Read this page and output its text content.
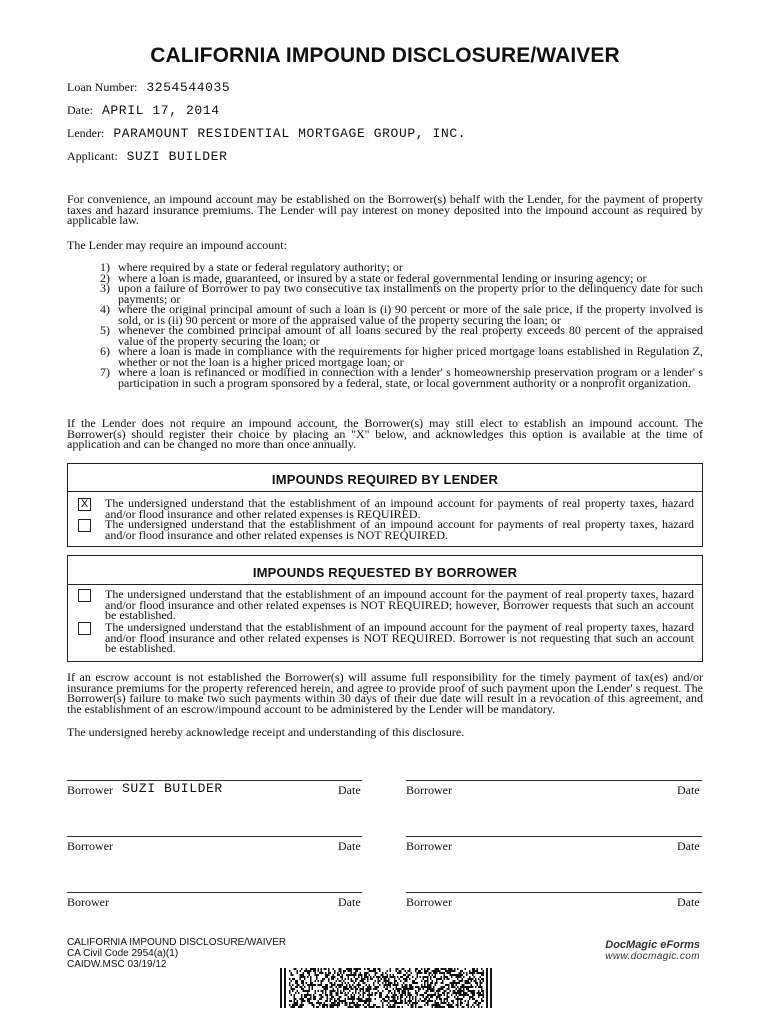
CALIFORNIA IMPOUND DISCLOSURE/WAIVER
Loan Number: 3254544035
Date: APRIL 17, 2014
Lender: PARAMOUNT RESIDENTIAL MORTGAGE GROUP, INC.
Applicant: SUZI BUILDER
For convenience, an impound account may be established on the Borrower(s) behalf with the Lender, for the payment of property taxes and hazard insurance premiums. The Lender will pay interest on money deposited into the impound account as required by applicable law.
The Lender may require an impound account:
1) where required by a state or federal regulatory authority; or
2) where a loan is made, guaranteed, or insured by a state or federal governmental lending or insuring agency; or
3) upon a failure of Borrower to pay two consecutive tax installments on the property prior to the delinquency date for such payments; or
4) where the original principal amount of such a loan is (i) 90 percent or more of the sale price, if the property involved is sold, or is (ii) 90 percent or more of the appraised value of the property securing the loan; or
5) whenever the combined principal amount of all loans secured by the real property exceeds 80 percent of the appraised value of the property securing the loan; or
6) where a loan is made in compliance with the requirements for higher priced mortgage loans established in Regulation Z, whether or not the loan is a higher priced mortgage loan; or
7) where a loan is refinanced or modified in connection with a lender' s homeownership preservation program or a lender' s participation in such a program sponsored by a federal, state, or local government authority or a nonprofit organization.
If the Lender does not require an impound account, the Borrower(s) may still elect to establish an impound account. The Borrower(s) should register their choice by placing an "X" below, and acknowledges this option is available at the time of application and can be changed no more than once annually.
IMPOUNDS REQUIRED BY LENDER
X The undersigned understand that the establishment of an impound account for payments of real property taxes, hazard and/or flood insurance and other related expenses is REQUIRED.
The undersigned understand that the establishment of an impound account for payments of real property taxes, hazard and/or flood insurance and other related expenses is NOT REQUIRED.
IMPOUNDS REQUESTED BY BORROWER
The undersigned understand that the establishment of an impound account for the payment of real property taxes, hazard and/or flood insurance and other related expenses is NOT REQUIRED; however, Borrower requests that such an account be established.
The undersigned understand that the establishment of an impound account for the payment of real property taxes, hazard and/or flood insurance and other related expenses is NOT REQUIRED. Borrower is not requesting that such an account be established.
If an escrow account is not established the Borrower(s) will assume full responsibility for the timely payment of tax(es) and/or insurance premiums for the property referenced herein, and agree to provide proof of such payment upon the Lender' s request. The Borrower(s) failure to make two such payments within 30 days of their due date will result in a revocation of this agreement, and the establishment of an escrow/impound account to be administered by the Lender will be mandatory.
The undersigned hereby acknowledge receipt and understanding of this disclosure.
Borrower SUZI BUILDER	Date	Borrower	Date
Borrower	Date	Borrower	Date
Borower	Date	Borrower	Date
CALIFORNIA IMPOUND DISCLOSURE/WAIVER
CA Civil Code 2954(a)(1)
CAIDW.MSC 03/19/12
DocMagic eForms
www.docmagic.com
